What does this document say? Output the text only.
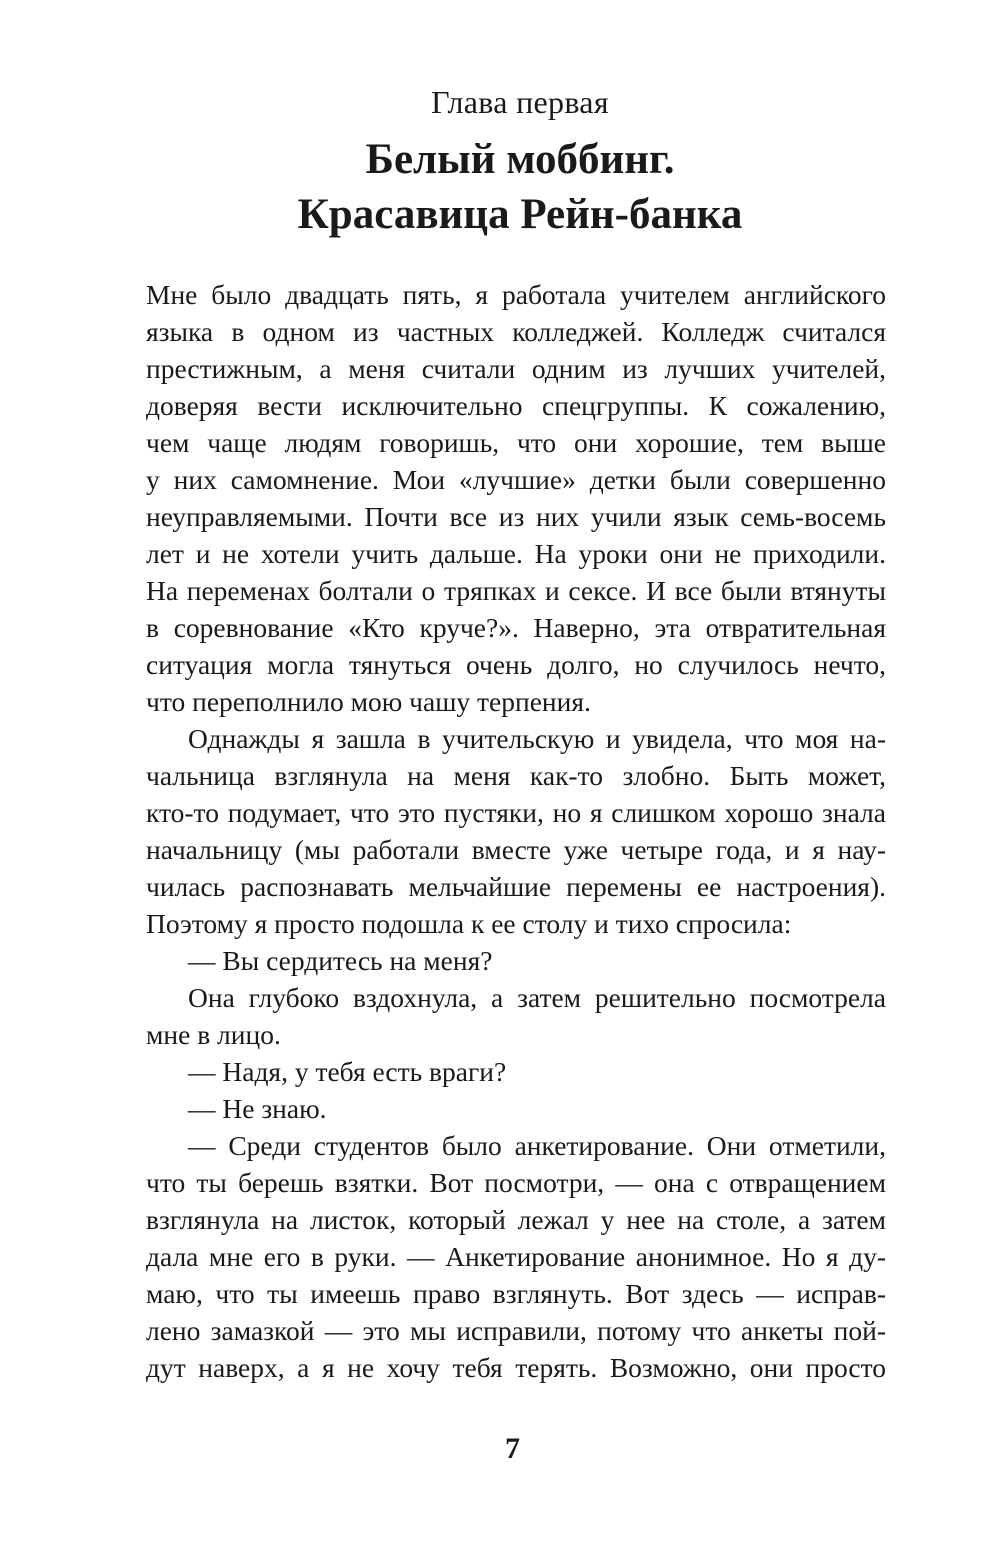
Глава первая
Белый моббинг.
Красавица Рейн-банка
Мне было двадцать пять, я работала учителем английского
языка в одном из частных колледжей. Колледж считался
престижным, а меня считали одним из лучших учителей,
доверяя вести исключительно спецгруппы. К сожалению,
чем чаще людям говоришь, что они хорошие, тем выше
у них самомнение. Мои «лучшие» детки были совершенно
неуправляемыми. Почти все из них учили язык семь-восемь
лет и не хотели учить дальше. На уроки они не приходили.
На переменах болтали о тряпках и сексе. И все были втянуты
в соревнование «Кто круче?». Наверно, эта отвратительная
ситуация могла тянуться очень долго, но случилось нечто,
что переполнило мою чашу терпения.
Однажды я зашла в учительскую и увидела, что моя на-
чальница взглянула на меня как-то злобно. Быть может,
кто-то подумает, что это пустяки, но я слишком хорошо знала
начальницу (мы работали вместе уже четыре года, и я нау-
чилась распознавать мельчайшие перемены ее настроения).
Поэтому я просто подошла к ее столу и тихо спросила:
— Вы сердитесь на меня?
Она глубоко вздохнула, а затем решительно посмотрела
мне в лицо.
— Надя, у тебя есть враги?
— Не знаю.
— Среди студентов было анкетирование. Они отметили,
что ты берешь взятки. Вот посмотри, — она с отвращением
взглянула на листок, который лежал у нее на столе, а затем
дала мне его в руки. — Анкетирование анонимное. Но я ду-
маю, что ты имеешь право взглянуть. Вот здесь — исправ-
лено замазкой — это мы исправили, потому что анкеты пой-
дут наверх, а я не хочу тебя терять. Возможно, они просто
7
